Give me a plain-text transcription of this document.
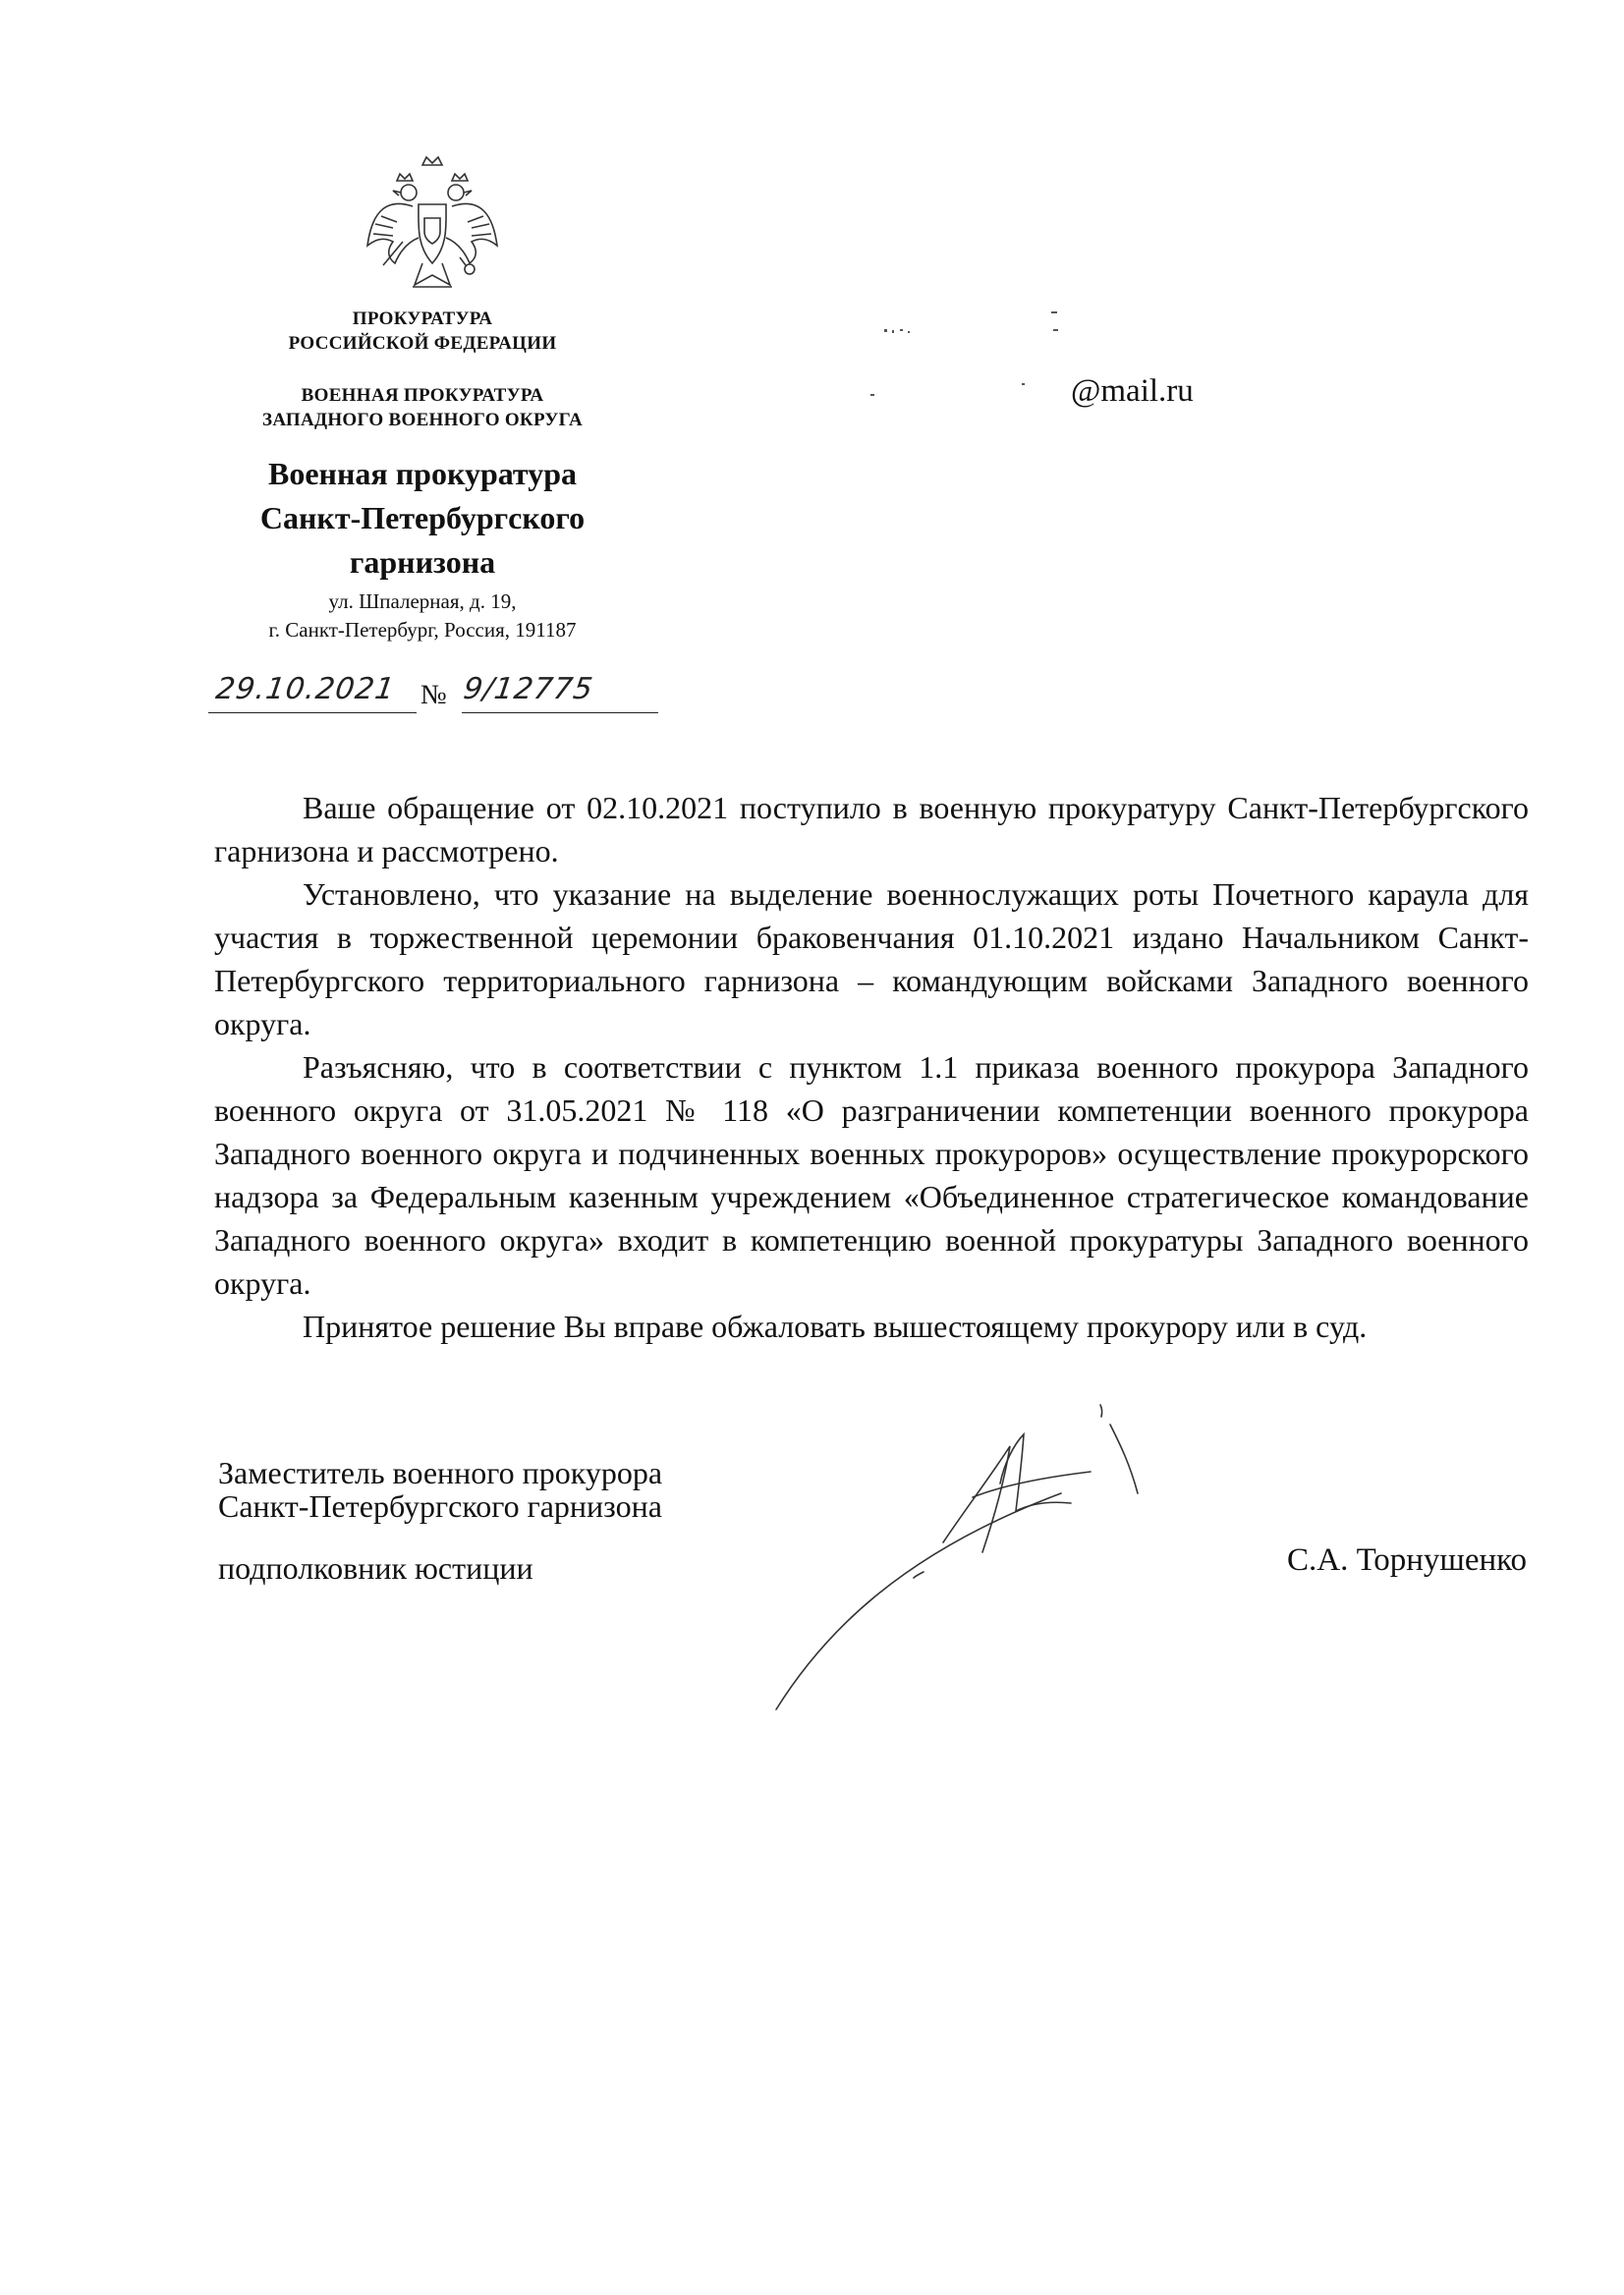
ПРОКУРАТУРА
РОССИЙСКОЙ ФЕДЕРАЦИИ
ВОЕННАЯ ПРОКУРАТУРА
ЗАПАДНОГО ВОЕННОГО ОКРУГА
Военная прокуратура
Санкт-Петербургского
гарнизона
ул. Шпалерная, д. 19,
г. Санкт-Петербург, Россия, 191187
29.10.2021 № 9/12775
@mail.ru
Ваше обращение от 02.10.2021 поступило в военную прокуратуру Санкт-Петербургского гарнизона и рассмотрено.
Установлено, что указание на выделение военнослужащих роты Почетного караула для участия в торжественной церемонии браковенчания 01.10.2021 издано Начальником Санкт-Петербургского территориального гарнизона – командующим войсками Западного военного округа.
Разъясняю, что в соответствии с пунктом 1.1 приказа военного прокурора Западного военного округа от 31.05.2021 № 118 «О разграничении компетенции военного прокурора Западного военного округа и подчиненных военных прокуроров» осуществление прокурорского надзора за Федеральным казенным учреждением «Объединенное стратегическое командование Западного военного округа» входит в компетенцию военной прокуратуры Западного военного округа.
Принятое решение Вы вправе обжаловать вышестоящему прокурору или в суд.
Заместитель военного прокурора
Санкт-Петербургского гарнизона
подполковник юстиции	С.А. Торнушенко
